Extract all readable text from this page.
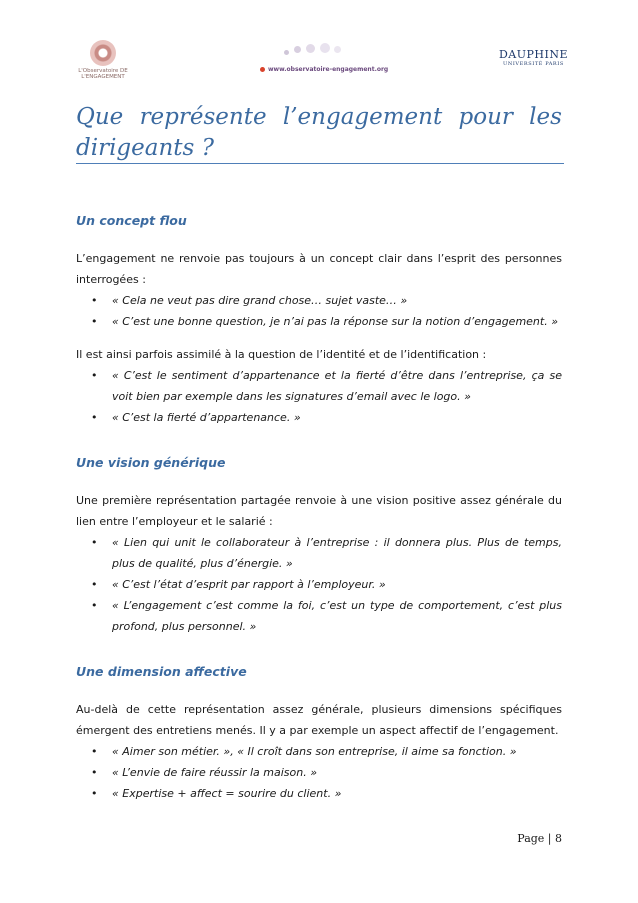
L'Observatoire DE L'ENGAGEMENT
www.observatoire-engagement.org
DAUPHINE
UNIVERSITÉ PARIS
Que représente l’engagement pour les
dirigeants ?
Un concept flou

L’engagement ne renvoie pas toujours à un concept clair dans l’esprit des personnes interrogées :

• « Cela ne veut pas dire grand chose… sujet vaste… »
• « C’est une bonne question, je n’ai pas la réponse sur la notion d’engagement. »

Il est ainsi parfois assimilé à la question de l’identité et de l’identification :

• « C’est le sentiment d’appartenance et la fierté d’être dans l’entreprise, ça se voit bien par exemple dans les signatures d’email avec le logo. »
• « C’est la fierté d’appartenance. »
Une vision générique

Une première représentation partagée renvoie à une vision positive assez générale du lien entre l’employeur et le salarié :

• « Lien qui unit le collaborateur à l’entreprise : il donnera plus. Plus de temps, plus de qualité, plus d’énergie. »
• « C’est l’état d’esprit par rapport à l’employeur. »
• « L’engagement c’est comme la foi, c’est un type de comportement, c’est plus profond, plus personnel. »
Une dimension affective

Au-delà de cette représentation assez générale, plusieurs dimensions spécifiques émergent des entretiens menés. Il y a par exemple un aspect affectif de l’engagement.

• « Aimer son métier. », « Il croît dans son entreprise, il aime sa fonction. »
• « L’envie de faire réussir la maison. »
• « Expertise + affect = sourire du client. »
Page | 8
